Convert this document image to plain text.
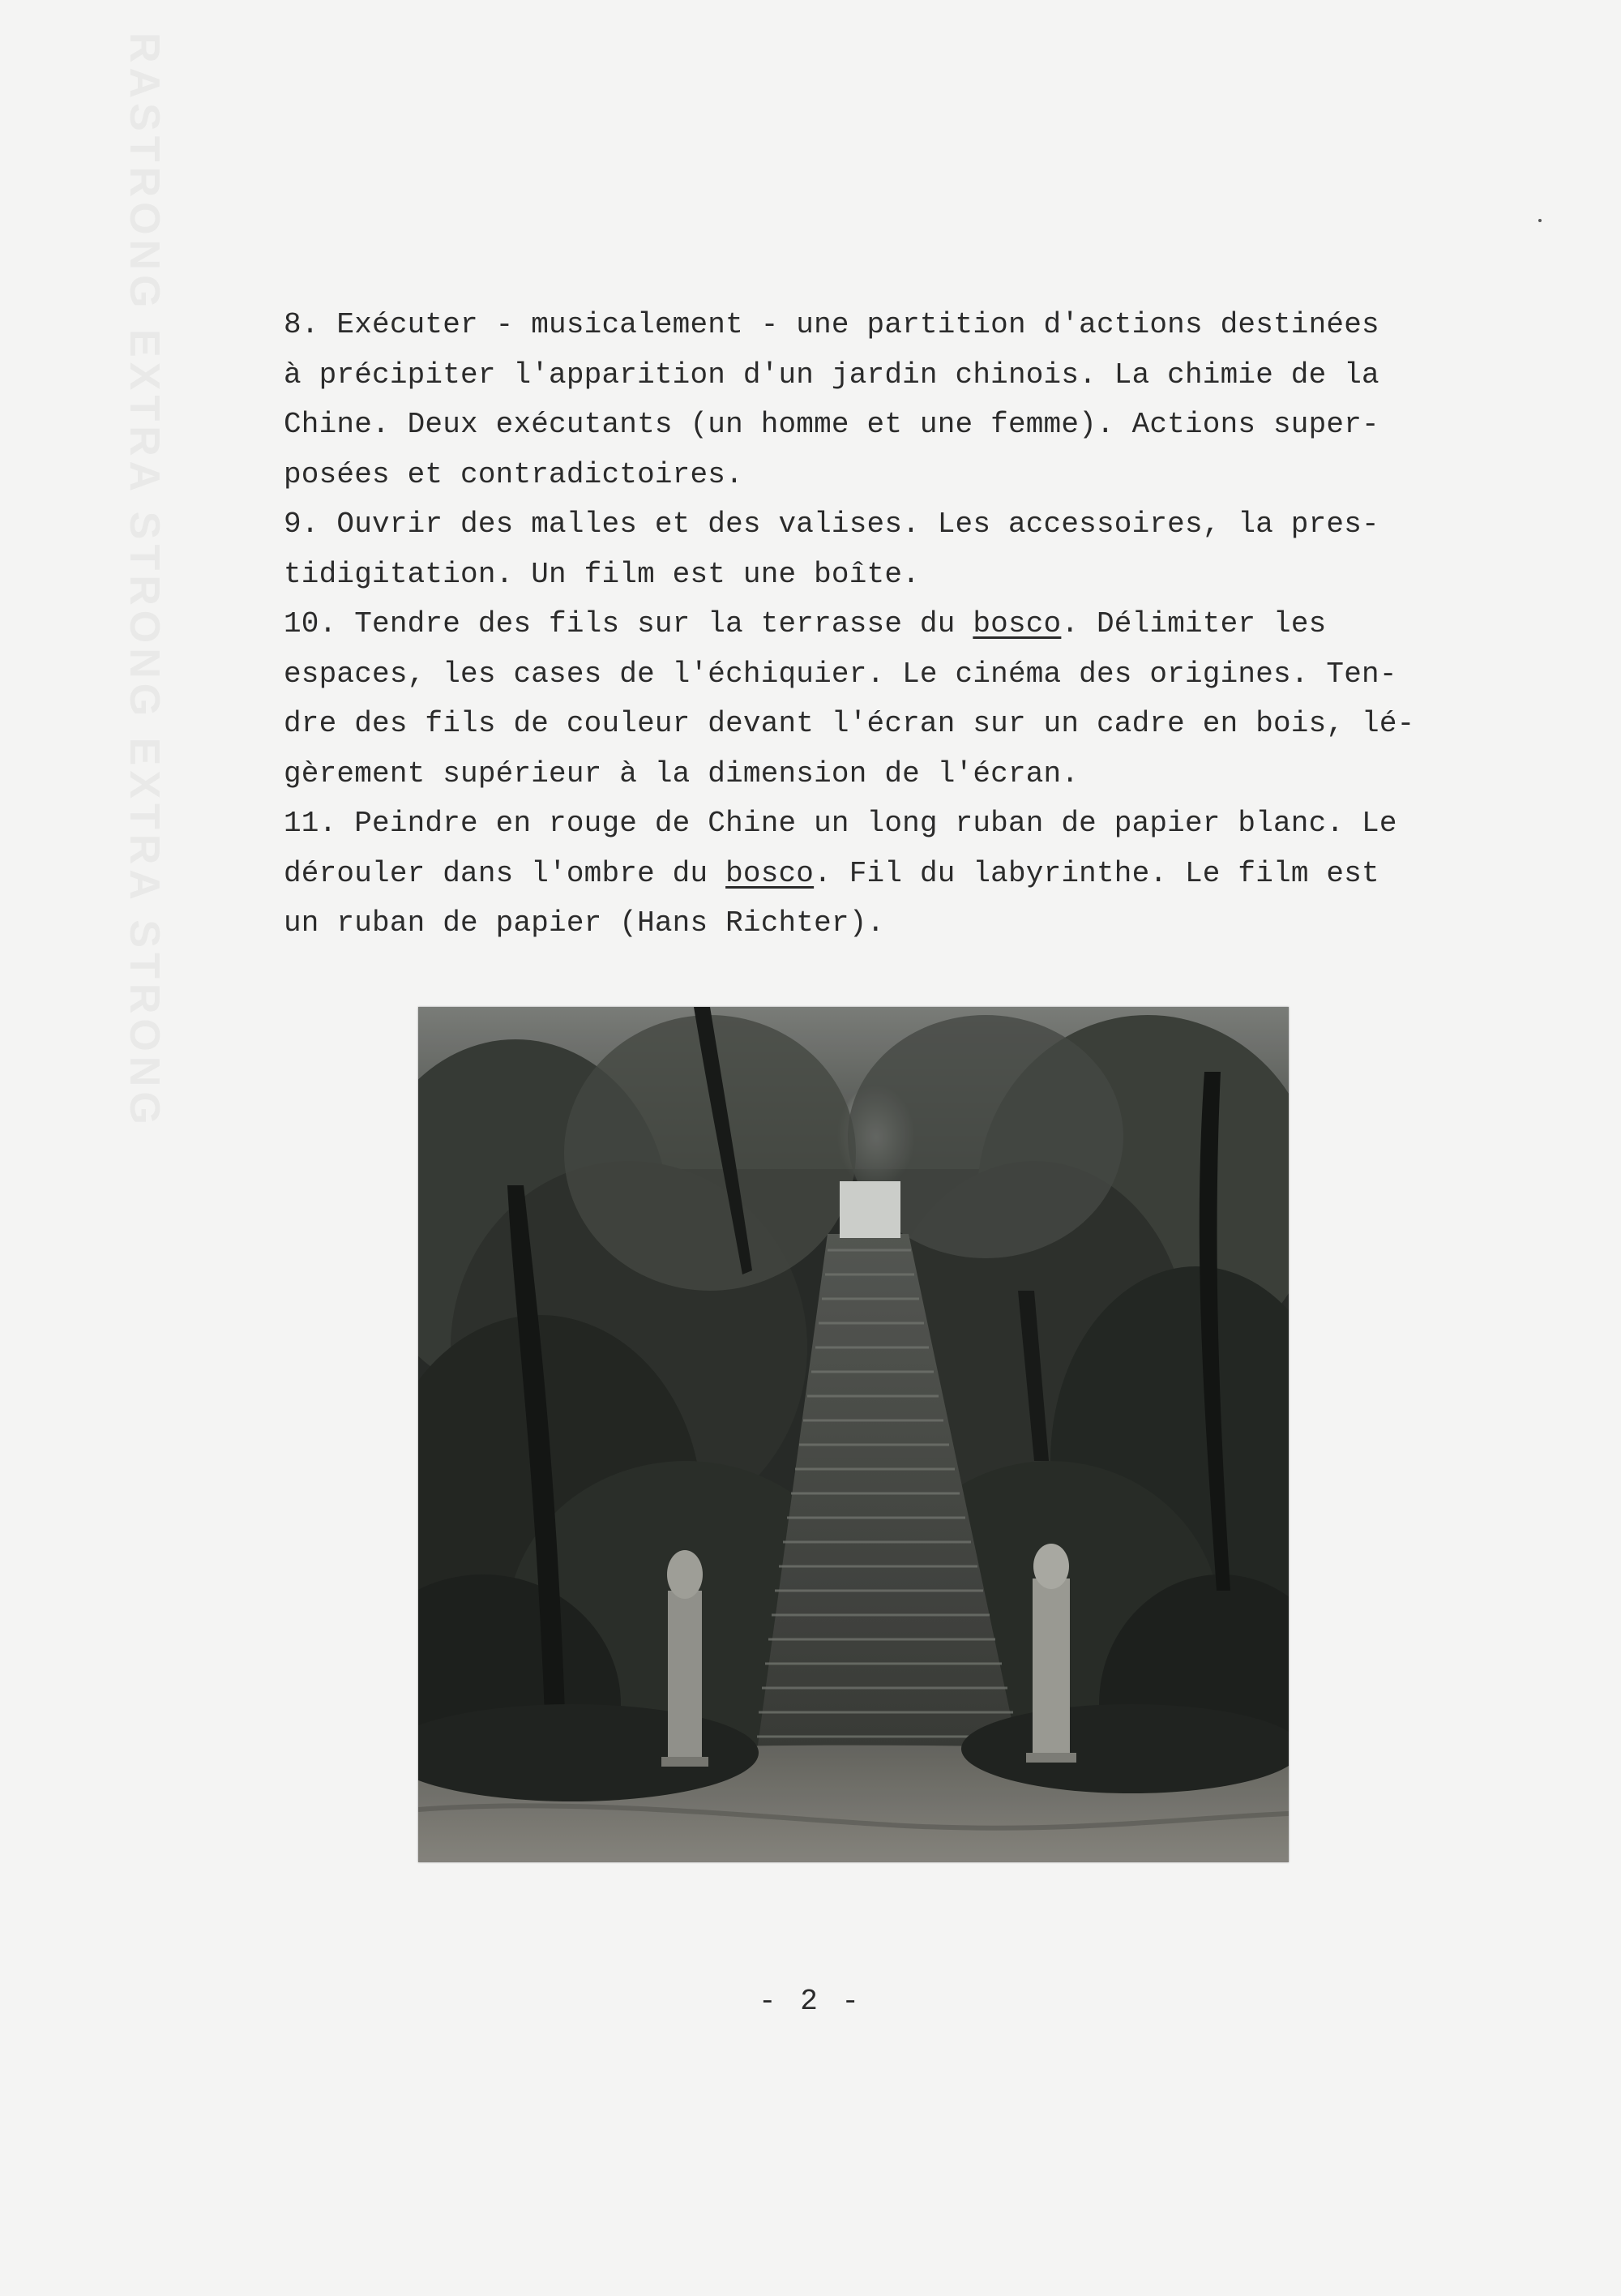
RASTRONG EXTRA STRONG EXTRA STRONG	8. Exécuter - musicalement - une partition d'actions destinées
à précipiter l'apparition d'un jardin chinois. La chimie de la
Chine. Deux exécutants (un homme et une femme). Actions super-
posées et contradictoires.
9. Ouvrir des malles et des valises. Les accessoires, la pres-
tidigitation. Un film est une boîte.
10. Tendre des fils sur la terrasse du bosco. Délimiter les
espaces, les cases de l'échiquier. Le cinéma des origines. Ten-
dre des fils de couleur devant l'écran sur un cadre en bois, lé-
gèrement supérieur à la dimension de l'écran.
11. Peindre en rouge de Chine un long ruban de papier blanc. Le
dérouler dans l'ombre du bosco. Fil du labyrinthe. Le film est
un ruban de papier (Hans Richter).
- 2 -
